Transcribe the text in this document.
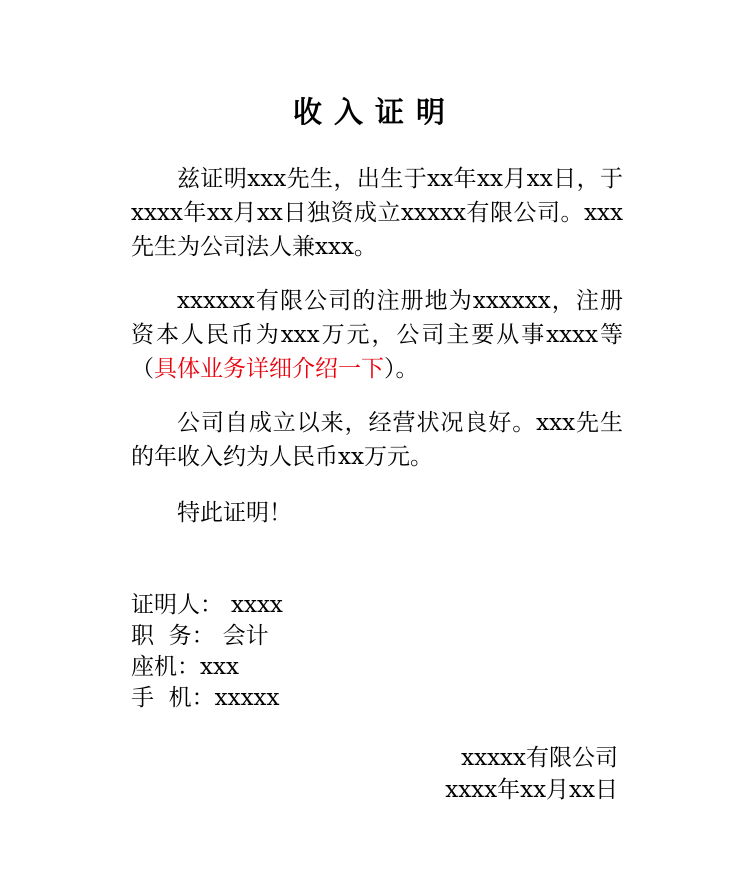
收入证明
兹证明xxx先生，出生于xx年xx月xx日，于xxxx年xx月xx日独资成立xxxxx有限公司。xxx先生为公司法人兼xxx。
xxxxxx有限公司的注册地为xxxxxx，注册资本人民币为xxx万元，公司主要从事xxxx等（具体业务详细介绍一下）。
公司自成立以来，经营状况良好。xxx先生的年收入约为人民币xx万元。
特此证明！
证明人： xxxx
职  务： 会计
座机：xxx
手  机：xxxxx
xxxxx有限公司
xxxx年xx月xx日
